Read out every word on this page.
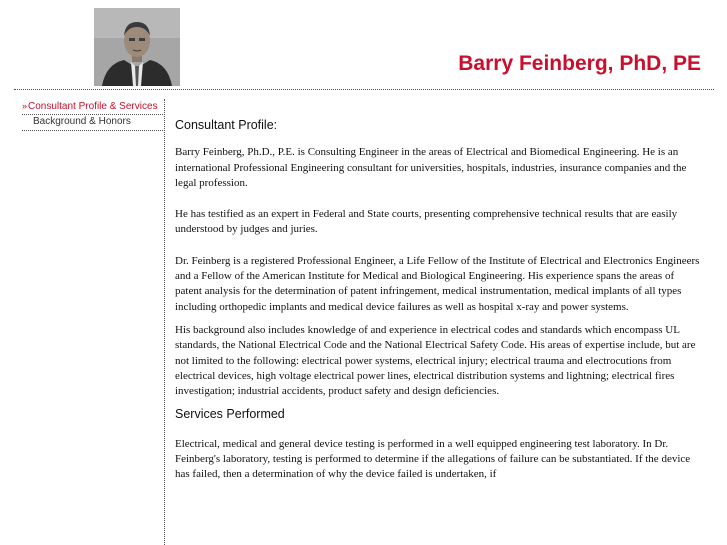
Barry Feinberg, PhD, PE
»Consultant Profile & Services
Background & Honors	Consultant Profile:

Barry Feinberg, Ph.D., P.E. is Consulting Engineer in the areas of Electrical and Biomedical Engineering. He is an international Professional Engineering consultant for universities, hospitals, industries, insurance companies and the legal profession.

He has testified as an expert in Federal and State courts, presenting comprehensive technical results that are easily understood by judges and juries.

Dr. Feinberg is a registered Professional Engineer, a Life Fellow of the Institute of Electrical and Electronics Engineers and a Fellow of the American Institute for Medical and Biological Engineering. His experience spans the areas of patent analysis for the determination of patent infringement, medical instrumentation, medical implants of all types including orthopedic implants and medical device failures as well as hospital x-ray and power systems.

His background also includes knowledge of and experience in electrical codes and standards which encompass UL standards, the National Electrical Code and the National Electrical Safety Code. His areas of expertise include, but are not limited to the following: electrical power systems, electrical injury; electrical trauma and electrocutions from electrical devices, high voltage electrical power lines, electrical distribution systems and lightning; electrical fires investigation; industrial accidents, product safety and design deficiencies.

Services Performed

Electrical, medical and general device testing is performed in a well equipped engineering test laboratory. In Dr. Feinberg's laboratory, testing is performed to determine if the allegations of failure can be substantiated. If the device has failed, then a determination of why the device failed is undertaken, if
